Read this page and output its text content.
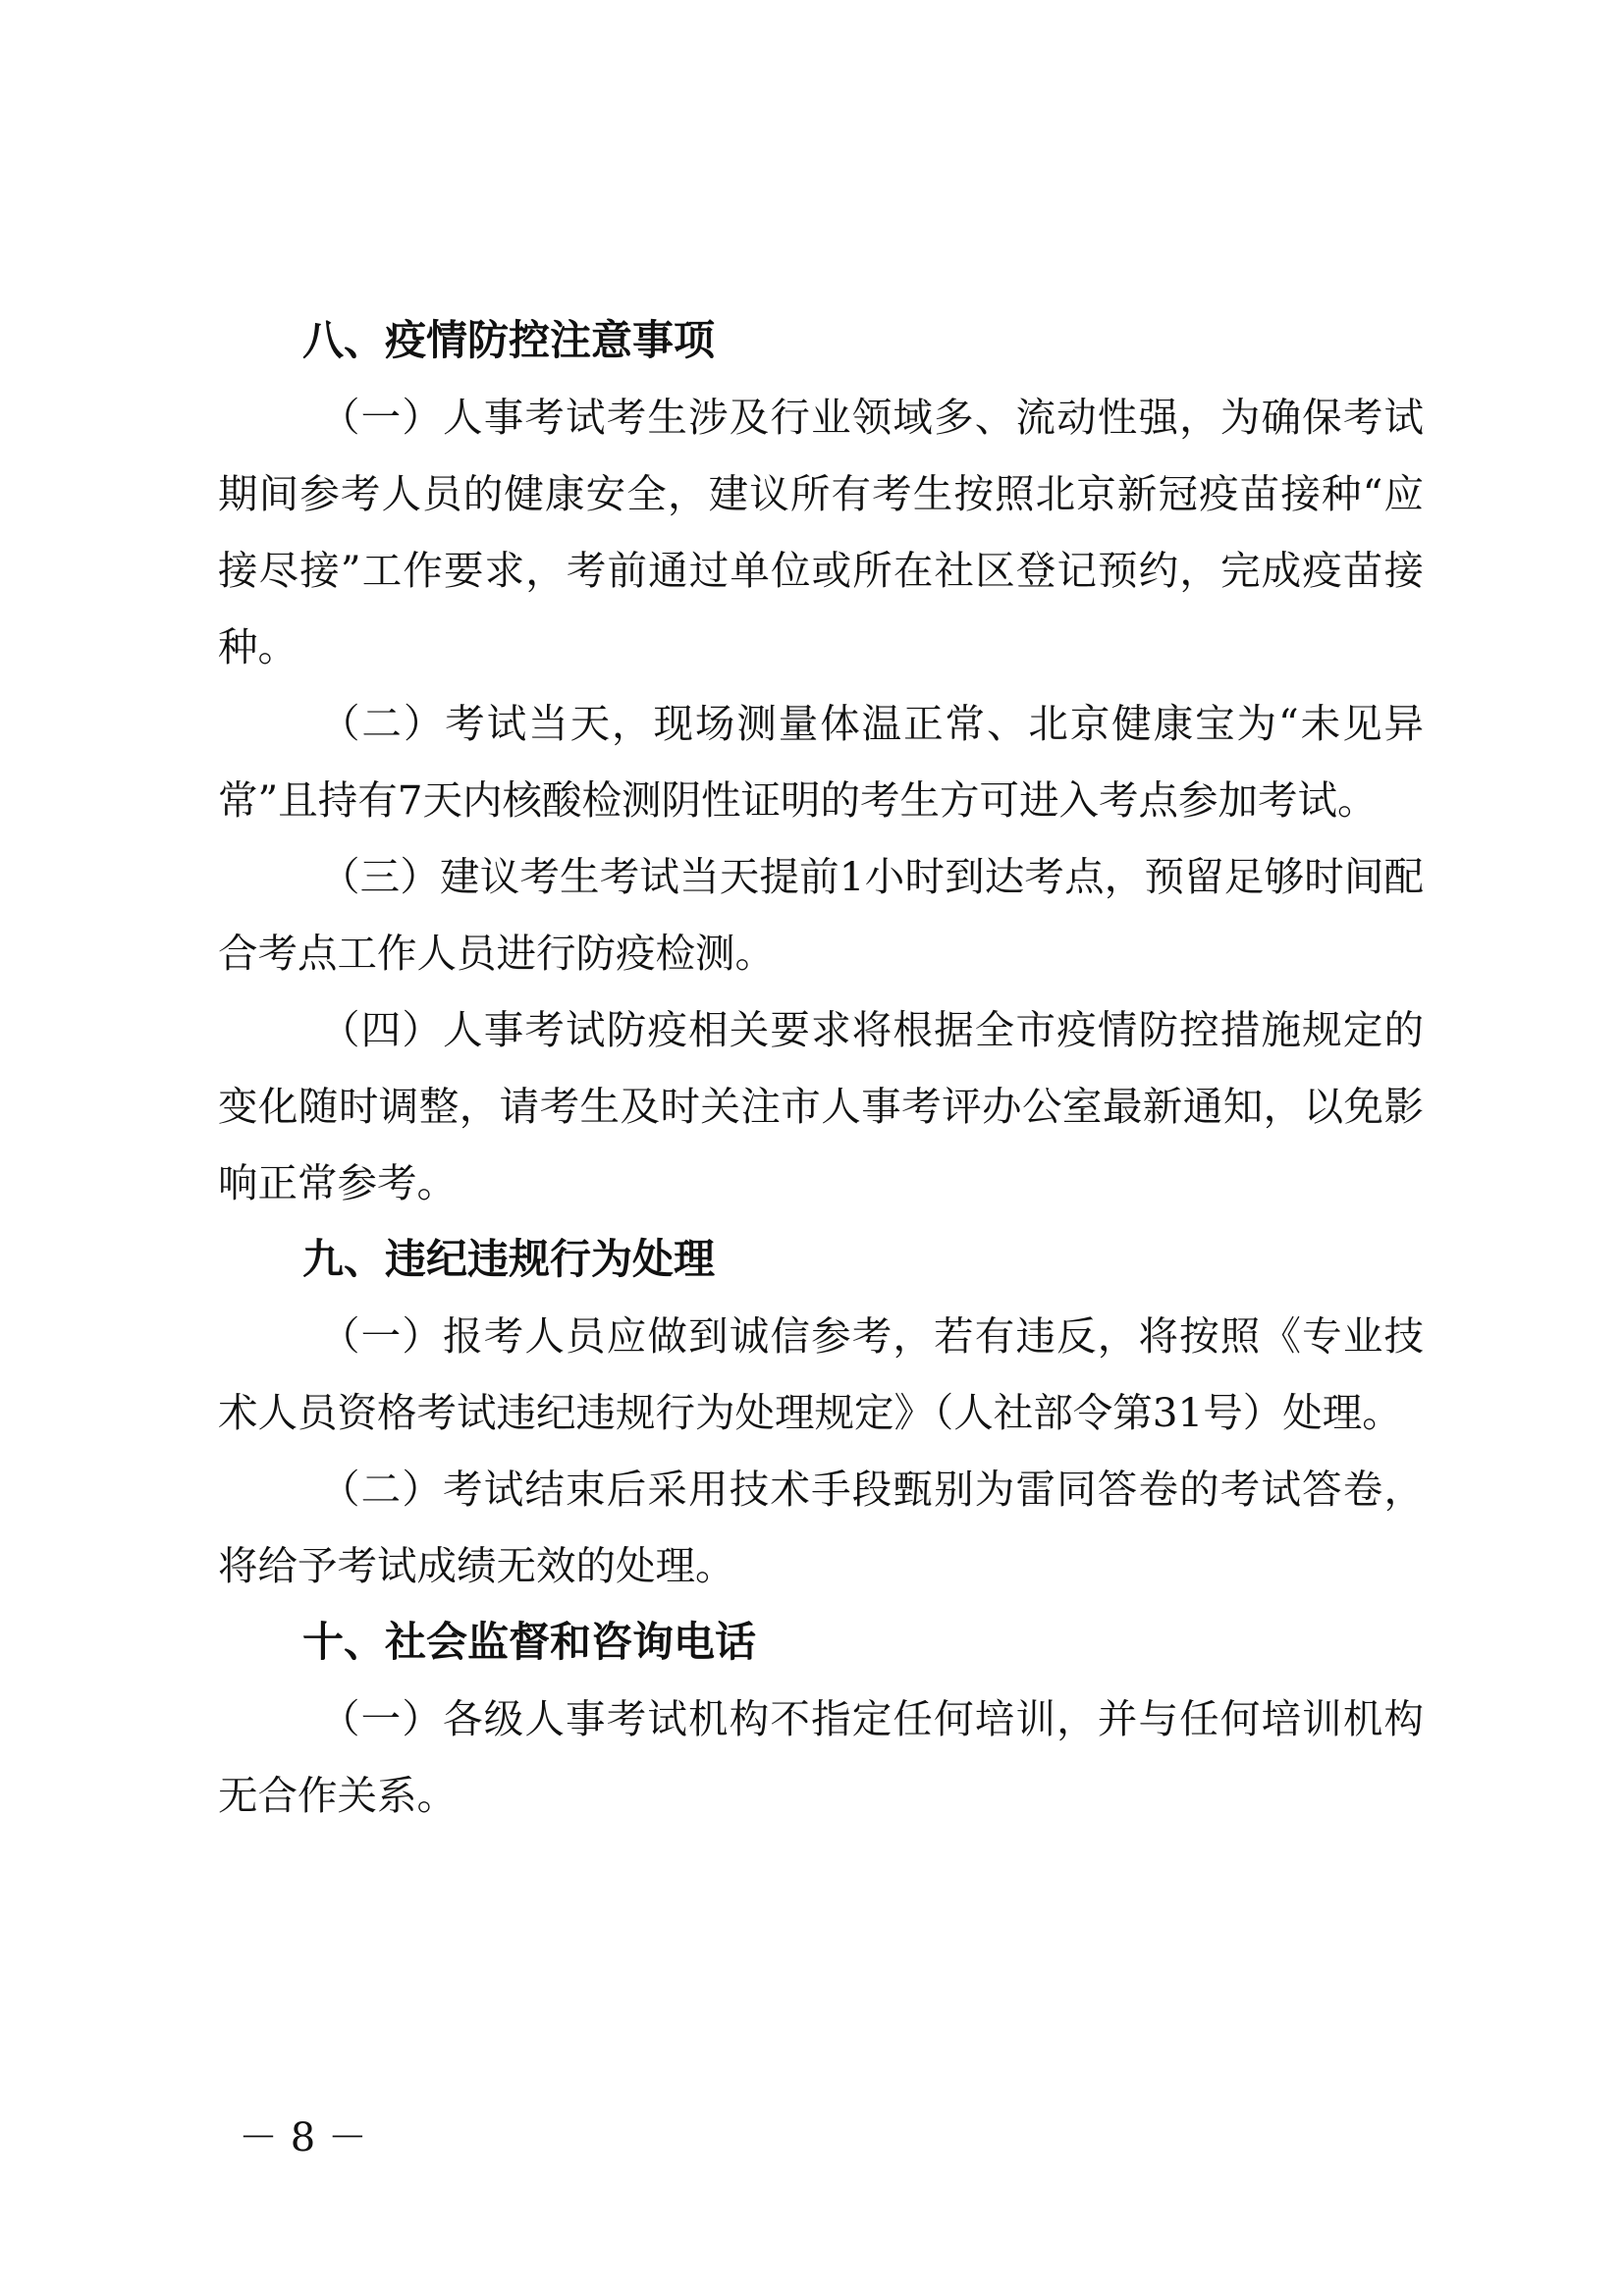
八、疫情防控注意事项

（一）人事考试考生涉及行业领域多、流动性强，为确保考试期间参考人员的健康安全，建议所有考生按照北京新冠疫苗接种“应接尽接”工作要求，考前通过单位或所在社区登记预约，完成疫苗接种。

（二）考试当天，现场测量体温正常、北京健康宝为“未见异常”且持有7天内核酸检测阴性证明的考生方可进入考点参加考试。

（三）建议考生考试当天提前1小时到达考点，预留足够时间配合考点工作人员进行防疫检测。

（四）人事考试防疫相关要求将根据全市疫情防控措施规定的变化随时调整，请考生及时关注市人事考评办公室最新通知，以免影响正常参考。

九、违纪违规行为处理

（一）报考人员应做到诚信参考，若有违反，将按照《专业技术人员资格考试违纪违规行为处理规定》（人社部令第31号）处理。

（二）考试结束后采用技术手段甄别为雷同答卷的考试答卷，将给予考试成绩无效的处理。

十、社会监督和咨询电话

（一）各级人事考试机构不指定任何培训，并与任何培训机构无合作关系。

－ 8 －
